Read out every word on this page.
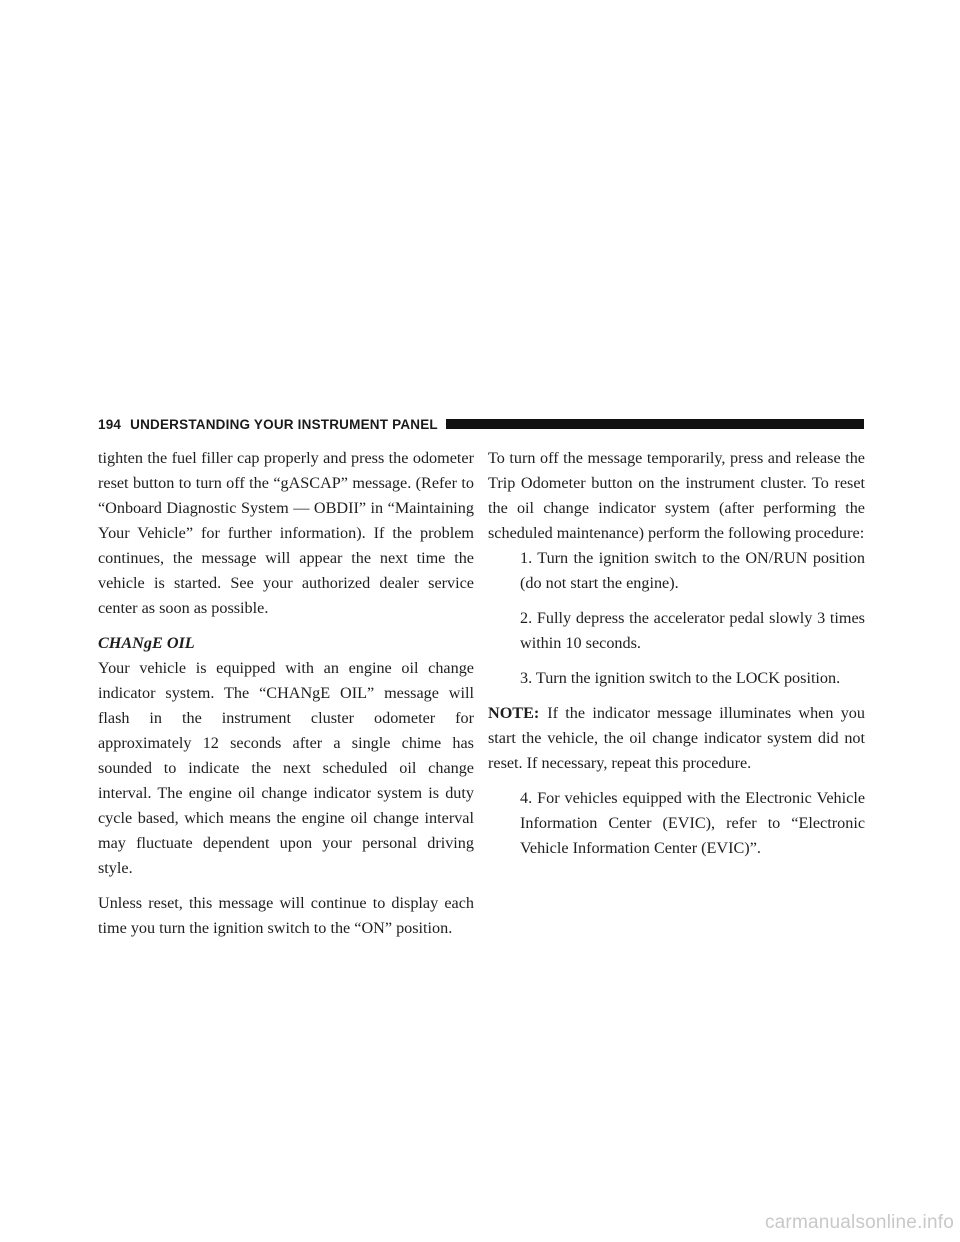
194 UNDERSTANDING YOUR INSTRUMENT PANEL

tighten the fuel filler cap properly and press the odometer reset button to turn off the “gASCAP” message. (Refer to “Onboard Diagnostic System — OBDII” in “Maintaining Your Vehicle” for further information). If the problem continues, the message will appear the next time the vehicle is started. See your authorized dealer service center as soon as possible.

CHANgE OIL

Your vehicle is equipped with an engine oil change indicator system. The “CHANgE OIL” message will flash in the instrument cluster odometer for approximately 12 seconds after a single chime has sounded to indicate the next scheduled oil change interval. The engine oil change indicator system is duty cycle based, which means the engine oil change interval may fluctuate dependent upon your personal driving style.

Unless reset, this message will continue to display each time you turn the ignition switch to the “ON” position.

To turn off the message temporarily, press and release the Trip Odometer button on the instrument cluster. To reset the oil change indicator system (after performing the scheduled maintenance) perform the following procedure:

1. Turn the ignition switch to the ON/RUN position (do not start the engine).
2. Fully depress the accelerator pedal slowly 3 times within 10 seconds.
3. Turn the ignition switch to the LOCK position.

NOTE: If the indicator message illuminates when you start the vehicle, the oil change indicator system did not reset. If necessary, repeat this procedure.

4. For vehicles equipped with the Electronic Vehicle Information Center (EVIC), refer to “Electronic Vehicle Information Center (EVIC)”.
carmanualsonline.info
